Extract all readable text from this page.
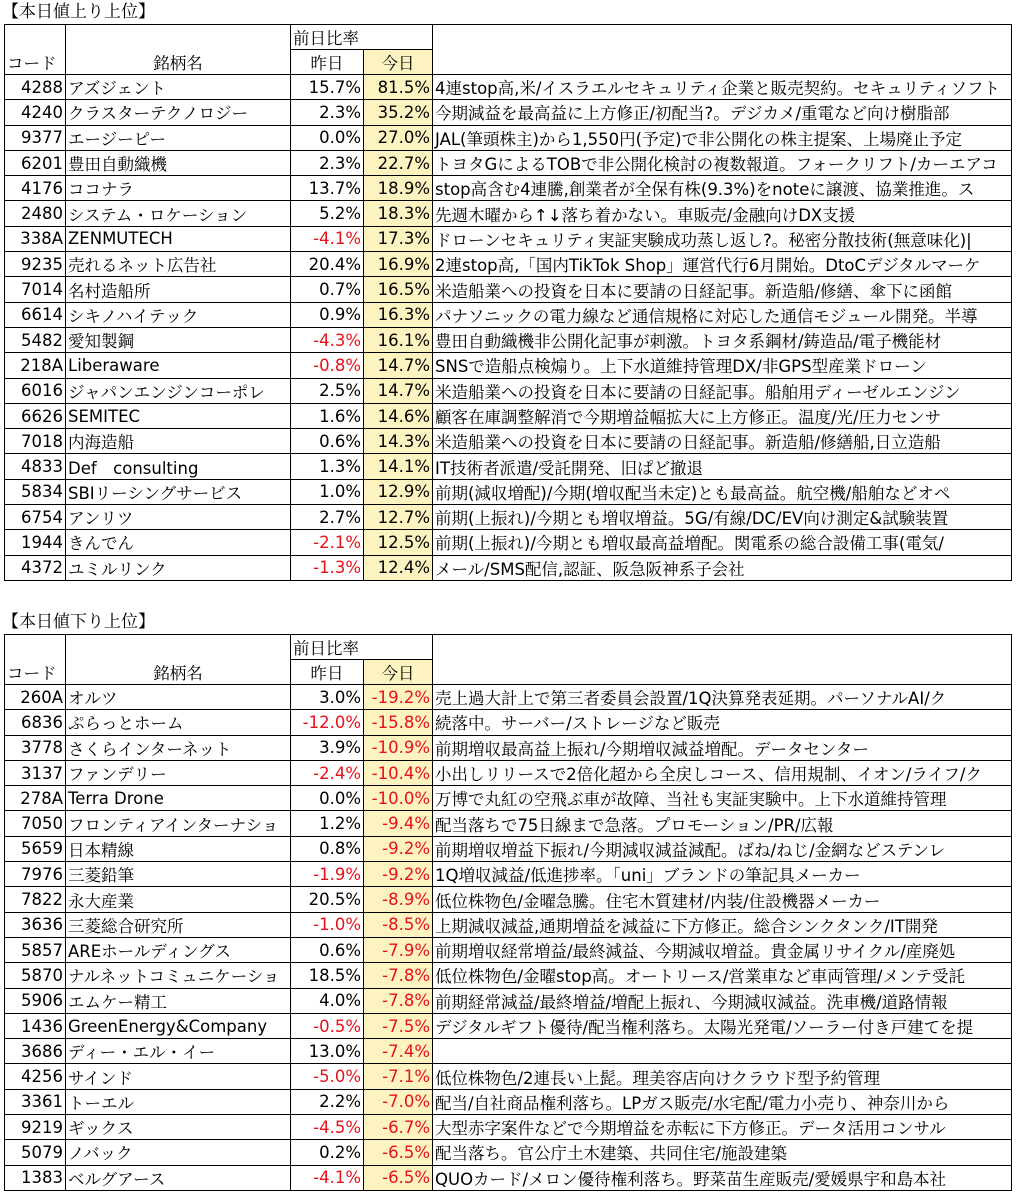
【本日値上り上位】
		前日比率		
コード	銘柄名	昨日	今日	
4288	アズジェント	15.7%	81.5%	4連stop高,米/イスラエルセキュリティ企業と販売契約。セキュリティソフト
4240	クラスターテクノロジー	2.3%	35.2%	今期減益を最高益に上方修正/初配当?。デジカメ/重電など向け樹脂部
9377	エージーピー	0.0%	27.0%	JAL(筆頭株主)から1,550円(予定)で非公開化の株主提案、上場廃止予定
6201	豊田自動織機	2.3%	22.7%	トヨタGによるTOBで非公開化検討の複数報道。フォークリフト/カーエアコ
4176	ココナラ	13.7%	18.9%	stop高含む4連騰,創業者が全保有株(9.3%)をnoteに譲渡、協業推進。ス
2480	システム・ロケーション	5.2%	18.3%	先週木曜から↑↓落ち着かない。車販売/金融向けDX支援
338A	ZENMUTECH	-4.1%	17.3%	ドローンセキュリティ実証実験成功蒸し返し?。秘密分散技術(無意味化)|
9235	売れるネット広告社	20.4%	16.9%	2連stop高,「国内TikTok Shop」運営代行6月開始。DtoCデジタルマーケ
7014	名村造船所	0.7%	16.5%	米造船業への投資を日本に要請の日経記事。新造船/修繕、傘下に函館
6614	シキノハイテック	0.9%	16.3%	パナソニックの電力線など通信規格に対応した通信モジュール開発。半導
5482	愛知製鋼	-4.3%	16.1%	豊田自動織機非公開化記事が刺激。トヨタ系鋼材/鋳造品/電子機能材
218A	Liberaware	-0.8%	14.7%	SNSで造船点検煽り。上下水道維持管理DX/非GPS型産業ドローン
6016	ジャパンエンジンコーポレ	2.5%	14.7%	米造船業への投資を日本に要請の日経記事。船舶用ディーゼルエンジン
6626	SEMITEC	1.6%	14.6%	顧客在庫調整解消で今期増益幅拡大に上方修正。温度/光/圧力センサ
7018	内海造船	0.6%	14.3%	米造船業への投資を日本に要請の日経記事。新造船/修繕船,日立造船
4833	Def　consulting	1.3%	14.1%	IT技術者派遣/受託開発、旧ぱど撤退
5834	SBIリーシングサービス	1.0%	12.9%	前期(減収増配)/今期(増収配当未定)とも最高益。航空機/船舶などオペ
6754	アンリツ	2.7%	12.7%	前期(上振れ)/今期とも増収増益。5G/有線/DC/EV向け測定&試験装置
1944	きんでん	-2.1%	12.5%	前期(上振れ)/今期とも増収最高益増配。関電系の総合設備工事(電気/
4372	ユミルリンク	-1.3%	12.4%	メール/SMS配信,認証、阪急阪神系子会社
【本日値下り上位】
		前日比率		
コード	銘柄名	昨日	今日	
260A	オルツ	3.0%	-19.2%	売上過大計上で第三者委員会設置/1Q決算発表延期。パーソナルAI/ク
6836	ぷらっとホーム	-12.0%	-15.8%	続落中。サーバー/ストレージなど販売
3778	さくらインターネット	3.9%	-10.9%	前期増収最高益上振れ/今期増収減益増配。データセンター
3137	ファンデリー	-2.4%	-10.4%	小出しリリースで2倍化超から全戻しコース、信用規制、イオン/ライフ/ク
278A	Terra Drone	0.0%	-10.0%	万博で丸紅の空飛ぶ車が故障、当社も実証実験中。上下水道維持管理
7050	フロンティアインターナショ	1.2%	-9.4%	配当落ちで75日線まで急落。プロモーション/PR/広報
5659	日本精線	0.8%	-9.2%	前期増収増益下振れ/今期減収減益減配。ばね/ねじ/金網などステンレ
7976	三菱鉛筆	-1.9%	-9.2%	1Q増収減益/低進捗率。「uni」ブランドの筆記具メーカー
7822	永大産業	20.5%	-8.9%	低位株物色/金曜急騰。住宅木質建材/内装/住設機器メーカー
3636	三菱総合研究所	-1.0%	-8.5%	上期減収減益,通期増益を減益に下方修正。総合シンクタンク/IT開発
5857	AREホールディングス	0.6%	-7.9%	前期増収経常増益/最終減益、今期減収増益。貴金属リサイクル/産廃処
5870	ナルネットコミュニケーショ	18.5%	-7.8%	低位株物色/金曜stop高。オートリース/営業車など車両管理/メンテ受託
5906	エムケー精工	4.0%	-7.8%	前期経常減益/最終増益/増配上振れ、今期減収減益。洗車機/道路情報
1436	GreenEnergy&Company	-0.5%	-7.5%	デジタルギフト優待/配当権利落ち。太陽光発電/ソーラー付き戸建てを提
3686	ディー・エル・イー	13.0%	-7.4%	
4256	サインド	-5.0%	-7.1%	低位株物色/2連長い上髭。理美容店向けクラウド型予約管理
3361	トーエル	2.2%	-7.0%	配当/自社商品権利落ち。LPガス販売/水宅配/電力小売り、神奈川から
9219	ギックス	-4.5%	-6.7%	大型赤字案件などで今期増益を赤転に下方修正。データ活用コンサル
5079	ノバック	0.2%	-6.5%	配当落ち。官公庁土木建築、共同住宅/施設建築
1383	ベルグアース	-4.1%	-6.5%	QUOカード/メロン優待権利落ち。野菜苗生産販売/愛媛県宇和島本社
